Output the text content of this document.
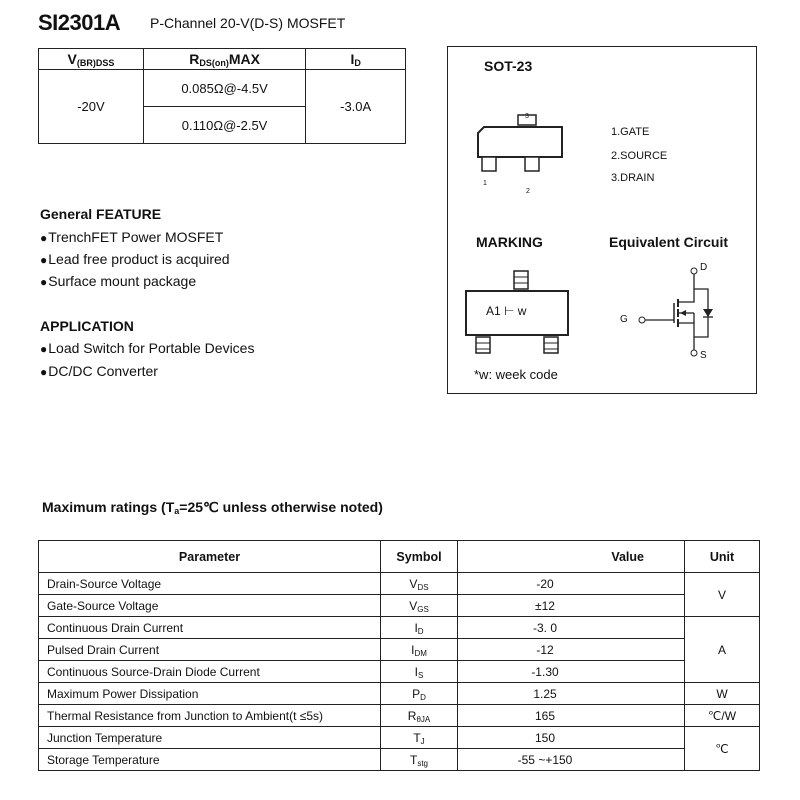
SI2301A P-Channel 20-V(D-S) MOSFET
$V_{(BR)DSS}$	$R_{DS(on)}MAX$	$I_D$
-20V	0.085Ω@-4.5V	-3.0A
	0.110Ω@-2.5V	
General FEATURE
● TrenchFET Power MOSFET
● Lead free product is acquired
● Surface mount package
APPLICATION
● Load Switch for Portable Devices
● DC/DC Converter
SOT-23
3
1
2
1.GATE
2.SOURCE
3.DRAIN
MARKING	Equivalent Circuit
A1 ⊢ w
*w: week code
D
G
S
Maximum ratings ($T_a=25℃$ unless otherwise noted)
Parameter	Symbol	Value	Unit
Drain-Source Voltage	VDS	-20	V
Gate-Source Voltage	VGS	±12	
Continuous Drain Current	ID	-3. 0	A
Pulsed Drain Current	IDM	-12	
Continuous Source-Drain Diode Current	IS	-1.30	
Maximum Power Dissipation	PD	1.25	W
Thermal Resistance from Junction to Ambient(t ≤5s)	RθJA	165	℃/W
Junction Temperature	TJ	150	℃
Storage Temperature	Tstg	-55 ~+150	
